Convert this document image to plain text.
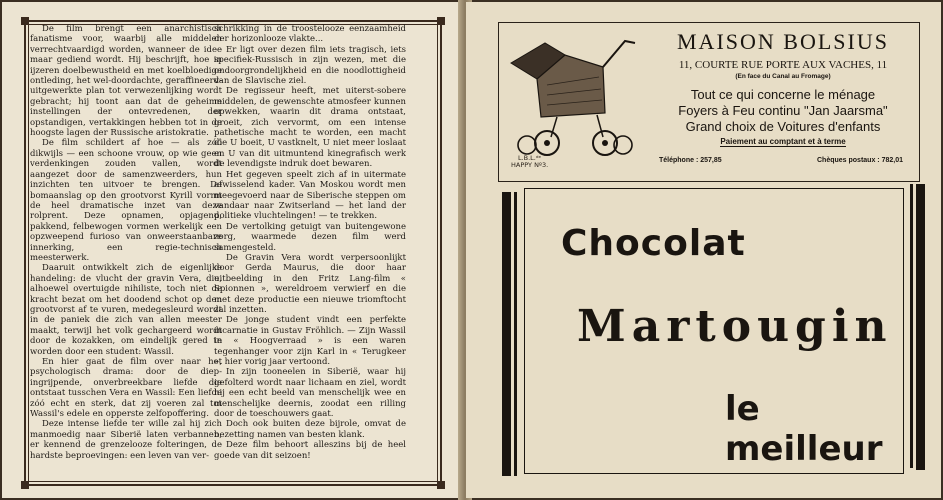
De film brengt een anarchistisch fanatisme voor, waarbij alle middelen verrechtvaardigd worden, wanneer de idee maar gediend wordt. Hij beschrijft, hoe in ijzeren doelbewustheid en met koelbloedige ontleding, het wel-doordachte, geraffineerd-uitgewerkte plan tot verwezenlijking wordt gebracht; hij toont aan dat de geheime instellingen der ontevredenen, der opstandigen, vertakkingen hebben tot in de hoogste lagen der Russische aristokratie.

De film schildert af hoe — als zóó dikwijls — een schoone vrouw, op wie geen verdenkingen zouden vallen, wordt aangezet door de samenzweerders, hun inzichten ten uitvoer te brengen. De bomaanslag op den grootvorst Kyrill vormt de heel dramatische inzet van deze rolprent. Deze opnamen, opjagend, pakkend, felbewogen vormen werkelijk een opzweepend furioso van onweerstaanbare innerking, een regie-technisch meesterwerk.

Daaruit ontwikkelt zich de eigenlijke handeling: de vlucht der gravin Vera, die, alhoewel overtuigde nihiliste, toch niet de kracht bezat om het doodend schot op den grootvorst af te vuren, medegesleurd wordt in de paniek die zich van allen meester maakt, terwijl het volk gechargeerd wordt door de kozakken, om eindelijk gered te worden door een student: Wassil.

En hier gaat de film over naar het psychologisch drama: door de diep-ingrijpende, onverbreekbare liefde die ontstaat tusschen Vera en Wassil: Een liefde zóó echt en sterk, dat zij voeren zal tot Wassil's edele en opperste zelfopoffering.

Deze intense liefde ter wille zal hij zich manmoedig naar Siberië laten verbannen, er kennend de grenzelooze folteringen, de hardste beproevingen: een leven van ver-

schrikking in de troostelooze eenzaamheid der horizonlooze vlakte...

Er ligt over dezen film iets tragisch, iets specifiek-Russisch in zijn wezen, met die ondoorgrondelijkheid en die noodlottigheid van de Slavische ziel.

De regisseur heeft, met uiterst-sobere middelen, de gewenschte atmosfeer kunnen opwekken, waarin dit drama ontstaat, groeit, zich vervormt, om een intense pathetische macht te worden, een macht die U boeit, U vastknelt, U niet meer loslaat en U van dit uitmuntend kinegrafisch werk de levendigste indruk doet bewaren.

Het gegeven speelt zich af in uitermate afwisselend kader. Van Moskou wordt men meegevoerd naar de Siberische steppen om vandaar naar Zwitserland — het land der politieke vluchtelingen! — te trekken.

De vertolking getuigt van buitengewone zorg, waarmede dezen film werd samengesteld.

De Gravin Vera wordt verpersoonlijkt door Gerda Maurus, die door haar uitbeelding in den Fritz Lang-film « Spionnen », wereldroem verwierf en die met deze productie een nieuwe triomftocht zal inzetten.

De jonge student vindt een perfekte incarnatie in Gustav Fröhlich. — Zijn Wassil in « Hoogverraad » is een waren tegenhanger voor zijn Karl in « Terugkeer », hier vorig jaar vertoond.

In zijn tooneelen in Siberië, waar hij gefolterd wordt naar lichaam en ziel, wordt hij een echt beeld van menschelijk wee en menschelijke deernis, zoodat een rilling door de toeschouwers gaat.

Doch ook buiten deze bijrole, omvat de bezetting namen van besten klank.

Deze film behoort alleszins bij de heel goede van dit seizoen!

L.B.L.ᵈᵉ
HAPPY Nº3.
MAISON BOLSIUS
11, COURTE RUE PORTE AUX VACHES, 11
(En face du Canal au Fromage)
Tout ce qui concerne le ménage
Foyers à Feu continu "Jan Jaarsma"
Grand choix de Voitures d'enfants
Paiement au comptant et à terme
Téléphone : 257,85	Chèques postaux : 782,01
Chocolat
Martougin
le meilleur
